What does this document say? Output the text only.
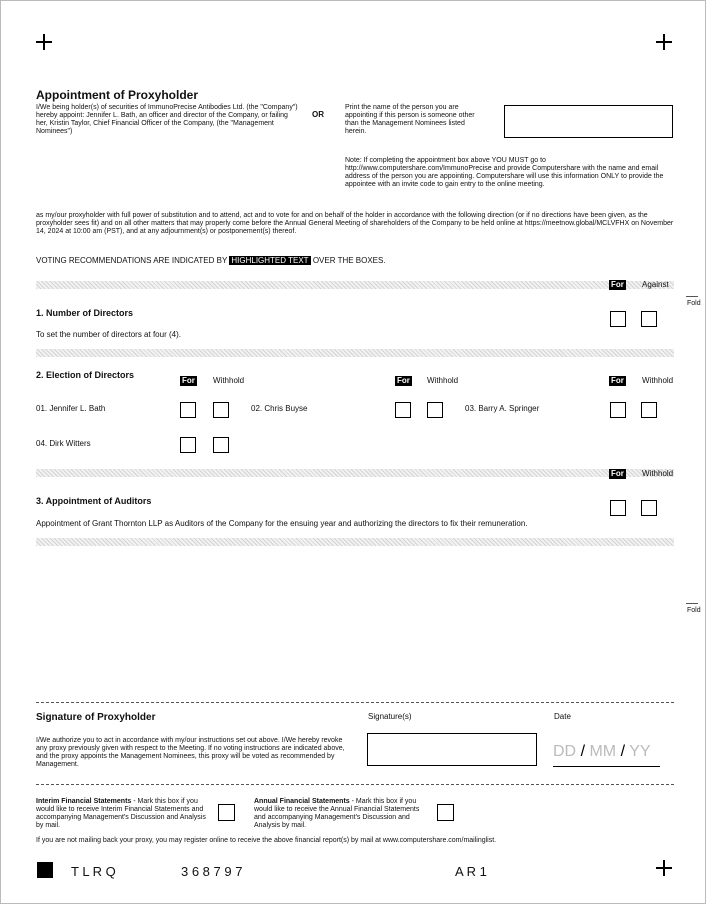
Appointment of Proxyholder
I/We being holder(s) of securities of ImmunoPrecise Antibodies Ltd. (the "Company") hereby appoint: Jennifer L. Bath, an officer and director of the Company, or failing her, Kristin Taylor, Chief Financial Officer of the Company, (the "Management Nominees")
OR
Print the name of the person you are appointing if this person is someone other than the Management Nominees listed herein.
Note: If completing the appointment box above YOU MUST go to http://www.computershare.com/ImmunoPrecise and provide Computershare with the name and email address of the person you are appointing. Computershare will use this information ONLY to provide the appointee with an invite code to gain entry to the online meeting.
as my/our proxyholder with full power of substitution and to attend, act and to vote for and on behalf of the holder in accordance with the following direction (or if no directions have been given, as the proxyholder sees fit) and on all other matters that may properly come before the Annual General Meeting of shareholders of the Company to be held online at https://meetnow.global/MCLVFHX on November 14, 2024 at 10:00 am (PST), and at any adjournment(s) or postponement(s) thereof.
VOTING RECOMMENDATIONS ARE INDICATED BY HIGHLIGHTED TEXT OVER THE BOXES.
For Against
Fold
1. Number of Directors
To set the number of directors at four (4).
2. Election of Directors
For Withhold	For Withhold	For Withhold
01. Jennifer L. Bath	02. Chris Buyse	03. Barry A. Springer
04. Dirk Witters
For Withhold
3. Appointment of Auditors
Appointment of Grant Thornton LLP as Auditors of the Company for the ensuing year and authorizing the directors to fix their remuneration.
Fold
Signature of Proxyholder
I/We authorize you to act in accordance with my/our instructions set out above. I/We hereby revoke any proxy previously given with respect to the Meeting. If no voting instructions are indicated above, and the proxy appoints the Management Nominees, this proxy will be voted as recommended by Management.
Signature(s)	Date
DD / MM / YY
Interim Financial Statements - Mark this box if you would like to receive Interim Financial Statements and accompanying Management's Discussion and Analysis by mail.
Annual Financial Statements - Mark this box if you would like to receive the Annual Financial Statements and accompanying Management's Discussion and Analysis by mail.
If you are not mailing back your proxy, you may register online to receive the above financial report(s) by mail at www.computershare.com/mailinglist.
T L R Q	3 6 8 7 9 7	A R 1
